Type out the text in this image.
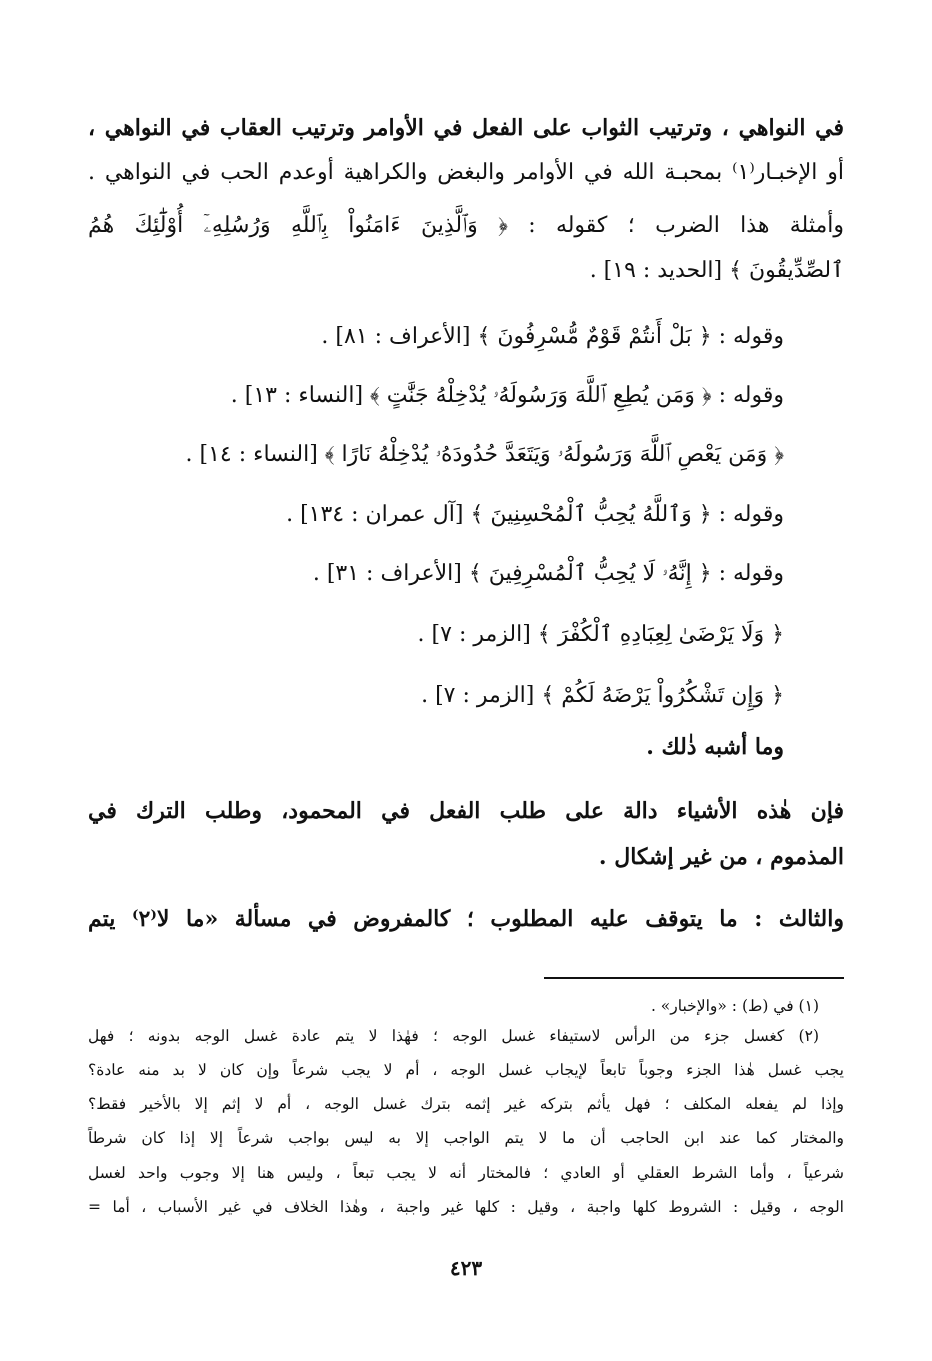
في النواهي ، وترتيب الثواب على الفعل في الأوامر وترتيب العقاب في النواهي ،
أو الإخبـار⁽١⁾ بمحبـة الله في الأوامر والبغض والكراهية أوعدم الحب في النواهي .
وأمثلة هذا الضرب ؛ كقوله : ﴿ وَٱلَّذِينَ ءَامَنُواْ بِٱللَّهِ وَرُسُلِهِۦٓ أُوْلَٰٓئِكَ هُمُ
ٱلصِّدِّيقُونَ ﴾ [الحديد : ١٩] .
وقوله : ﴿ بَلْ أَنتُمْ قَوْمٌ مُّسْرِفُونَ ﴾ [الأعراف : ٨١] .
وقوله : ﴿ وَمَن يُطِعِ ٱللَّهَ وَرَسُولَهُۥ يُدْخِلْهُ جَنَّٰتٍ ﴾ [النساء : ١٣] .
﴿ وَمَن يَعْصِ ٱللَّهَ وَرَسُولَهُۥ وَيَتَعَدَّ حُدُودَهُۥ يُدْخِلْهُ نَارًا ﴾ [النساء : ١٤] .
وقوله : ﴿ وَٱللَّهُ يُحِبُّ ٱلْمُحْسِنِينَ ﴾ [آل عمران : ١٣٤] .
وقوله : ﴿ إِنَّهُۥ لَا يُحِبُّ ٱلْمُسْرِفِينَ ﴾ [الأعراف : ٣١] .
﴿ وَلَا يَرْضَىٰ لِعِبَادِهِ ٱلْكُفْرَ ﴾ [الزمر : ٧] .
﴿ وَإِن تَشْكُرُواْ يَرْضَهُ لَكُمْ ﴾ [الزمر : ٧] .
وما أشبه ذٰلك .
فإن هٰذه الأشياء دالة على طلب الفعل في المحمود، وطلب الترك في
المذموم ، من غير إشكال .
والثالث : ما يتوقف عليه المطلوب ؛ كالمفروض في مسألة «ما لا⁽٢⁾ يتم
(١) في (ط) : «والإخبار» .
(٢) كغسل جزء من الرأس لاستيفاء غسل الوجه ؛ فهٰذا لا يتم عادة غسل الوجه بدونه ؛ فهل
يجب غسل هٰذا الجزء وجوباً تابعاً لإيجاب غسل الوجه ، أم لا يجب شرعاً وإن كان لا بد منه عادة؟
وإذا لم يفعله المكلف ؛ فهل يأثم بتركه غير إثمه بترك غسل الوجه ، أم لا إثم إلا بالأخير فقط؟
والمختار كما عند ابن الحاجب أن ما لا يتم الواجب إلا به ليس بواجب شرعاً إلا إذا كان شرطاً
شرعياً ، وأما الشرط العقلي أو العادي ؛ فالمختار أنه لا يجب تبعاً ، وليس هنا إلا وجوب واحد لغسل
الوجه ، وقيل : الشروط كلها واجبة ، وقيل : كلها غير واجبة ، وهٰذا الخلاف في غير الأسباب ، أما =
٤٢٣
